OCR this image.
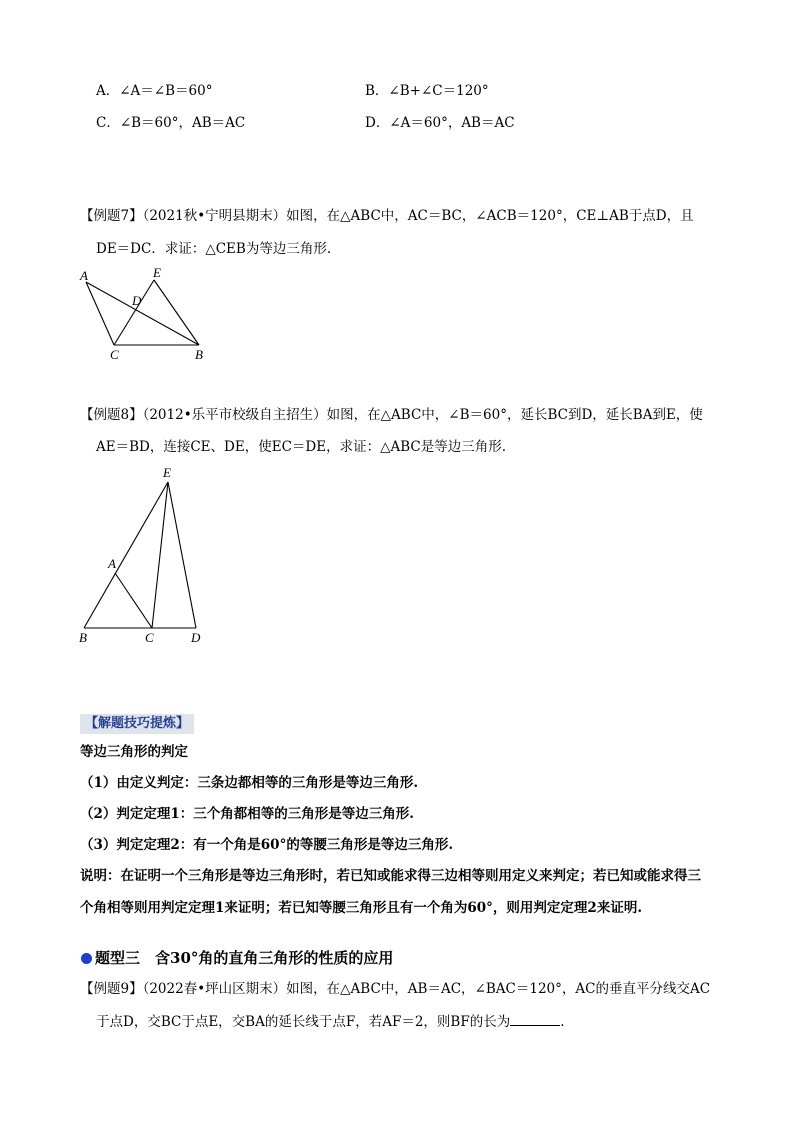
A．∠A＝∠B＝60°	B．∠B+∠C＝120°
C．∠B＝60°，AB＝AC	D．∠A＝60°，AB＝AC
【例题7】（2021秋•宁明县期末）如图，在△ABC中，AC＝BC，∠ACB＝120°，CE⊥AB于点D，且
DE＝DC．求证：△CEB为等边三角形.
A	E
D
C	B
【例题8】（2012•乐平市校级自主招生）如图，在△ABC中，∠B＝60°，延长BC到D，延长BA到E，使
AE＝BD，连接CE、DE，使EC＝DE，求证：△ABC是等边三角形.
E
A
B	C	D
【解题技巧提炼】
等边三角形的判定
（1）由定义判定：三条边都相等的三角形是等边三角形.
（2）判定定理1：三个角都相等的三角形是等边三角形.
（3）判定定理2：有一个角是60°的等腰三角形是等边三角形.
说明：在证明一个三角形是等边三角形时，若已知或能求得三边相等则用定义来判定；若已知或能求得三
个角相等则用判定定理1来证明；若已知等腰三角形且有一个角为60°，则用判定定理2来证明.
题型三　含30°角的直角三角形的性质的应用
【例题9】（2022春•坪山区期末）如图，在△ABC中，AB＝AC，∠BAC＝120°，AC的垂直平分线交AC
于点D，交BC于点E，交BA的延长线于点F，若AF＝2，则BF的长为	.
